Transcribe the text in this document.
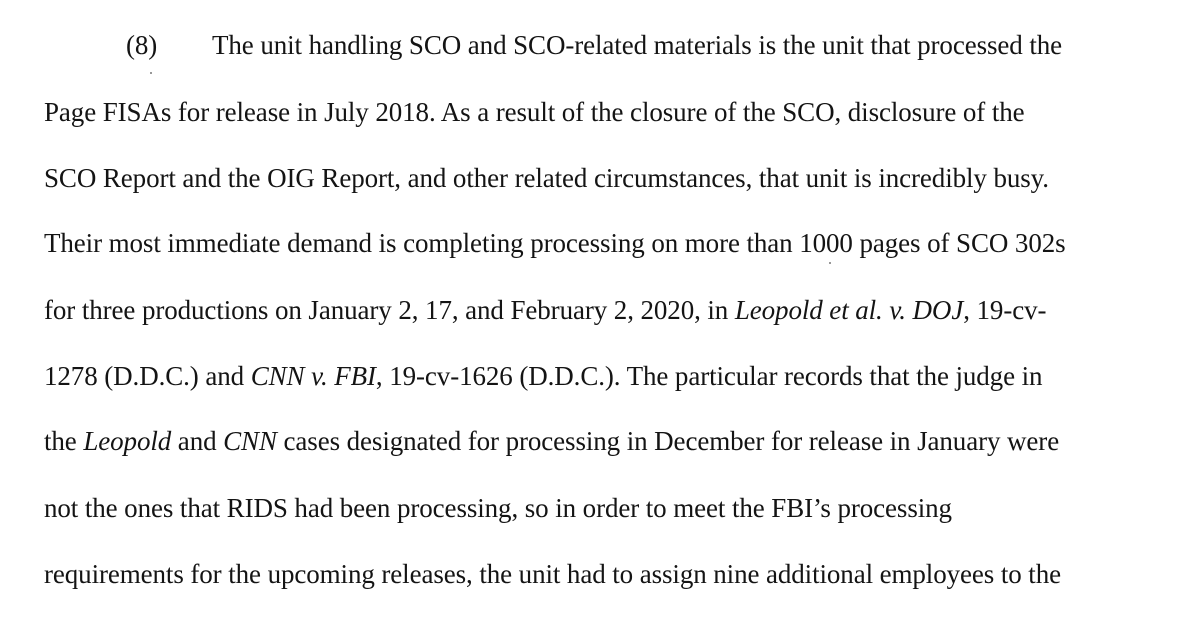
(8) The unit handling SCO and SCO-related materials is the unit that processed the
Page FISAs for release in July 2018. As a result of the closure of the SCO, disclosure of the
SCO Report and the OIG Report, and other related circumstances, that unit is incredibly busy.
Their most immediate demand is completing processing on more than 1000 pages of SCO 302s
for three productions on January 2, 17, and February 2, 2020, in Leopold et al. v. DOJ, 19-cv-
1278 (D.D.C.) and CNN v. FBI, 19-cv-1626 (D.D.C.). The particular records that the judge in
the Leopold and CNN cases designated for processing in December for release in January were
not the ones that RIDS had been processing, so in order to meet the FBI’s processing
requirements for the upcoming releases, the unit had to assign nine additional employees to the
